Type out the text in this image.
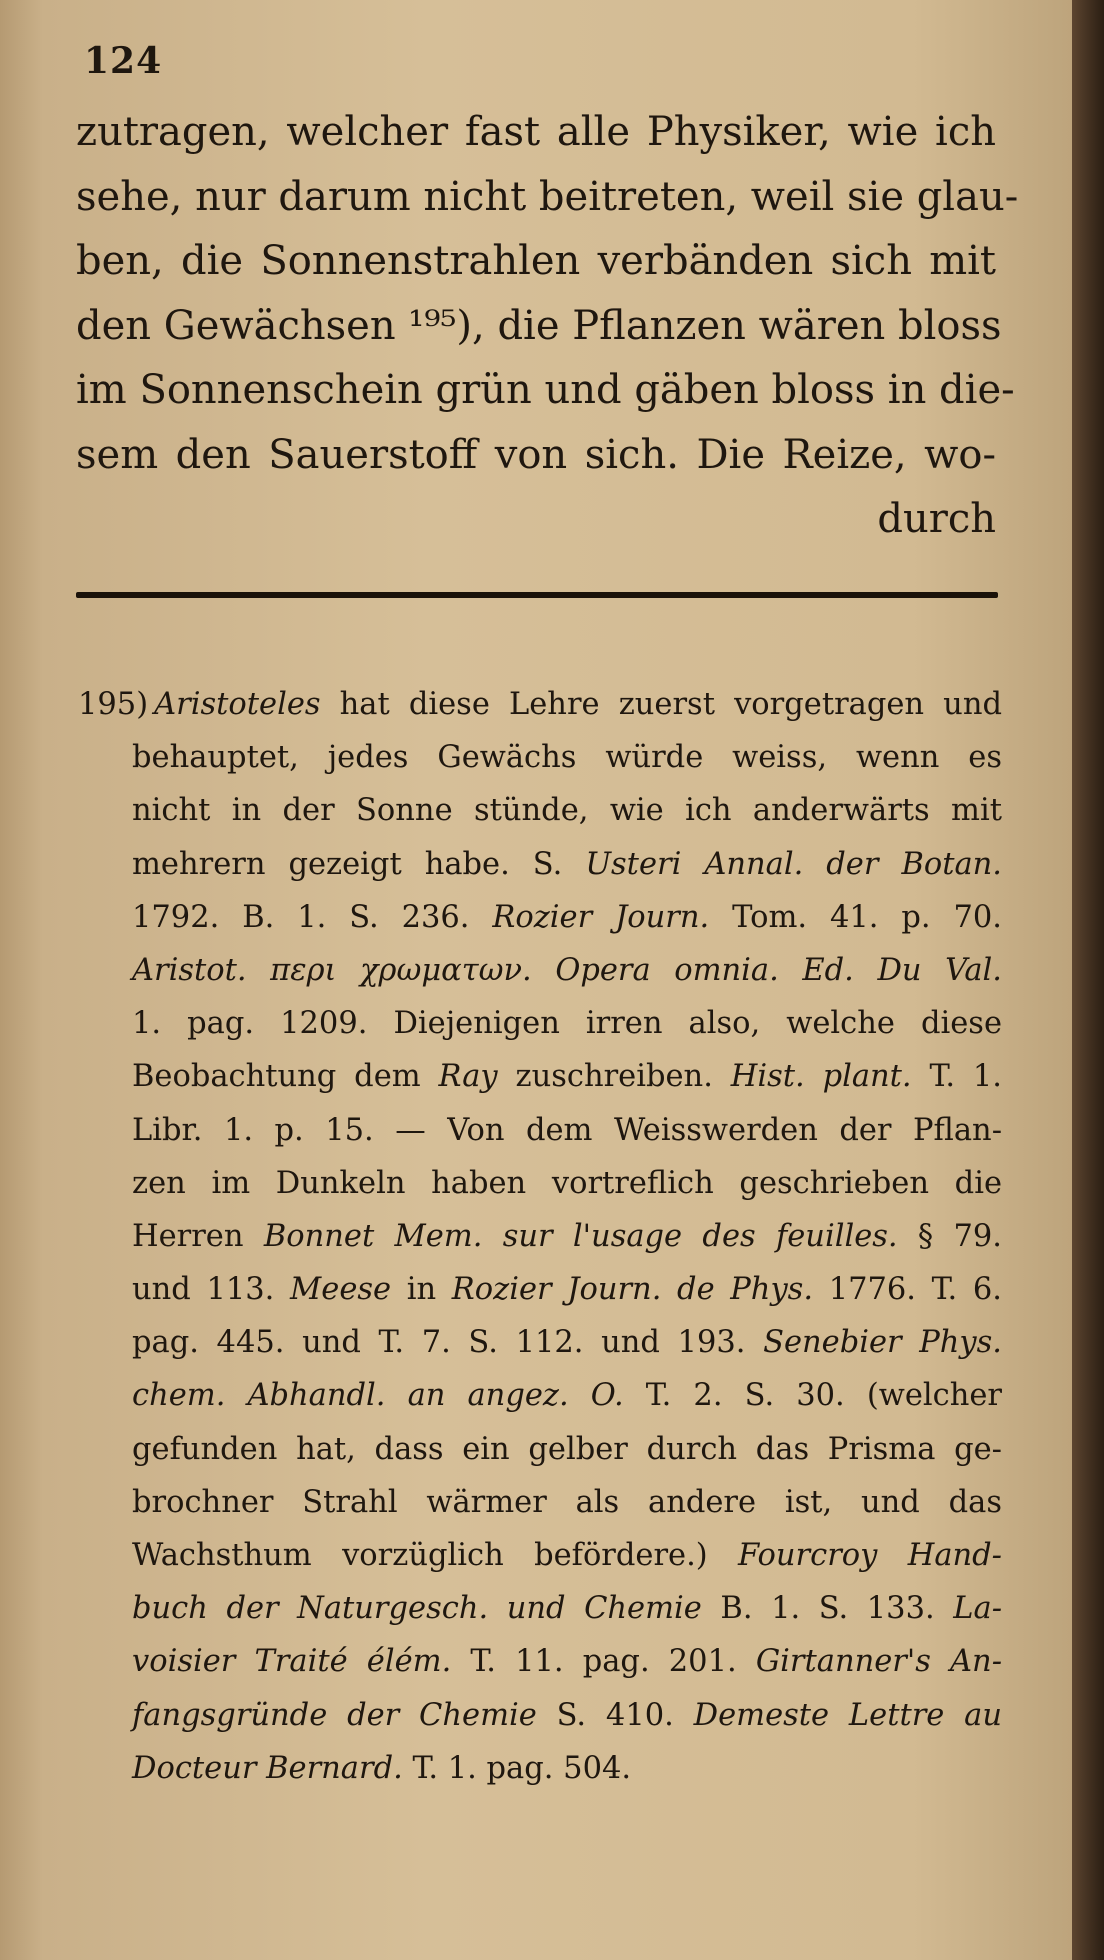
124
zutragen, welcher fast alle Physiker, wie ich
sehe, nur darum nicht beitreten, weil sie glau-
ben, die Sonnenstrahlen verbänden sich mit
den Gewächsen ¹⁹⁵), die Pflanzen wären bloss
im Sonnenschein grün und gäben bloss in die-
sem den Sauerstoff von sich. Die Reize, wo-
durch
195) Aristoteles hat diese Lehre zuerst vorgetragen und
behauptet, jedes Gewächs würde weiss, wenn es
nicht in der Sonne stünde, wie ich anderwärts mit
mehrern gezeigt habe. S. Usteri Annal. der Botan.
1792. B. 1. S. 236. Rozier Journ. Tom. 41. p. 70.
Aristot. περι χρωματων. Opera omnia. Ed. Du Val.
1. pag. 1209. Diejenigen irren also, welche diese
Beobachtung dem Ray zuschreiben. Hist. plant. T. 1.
Libr. 1. p. 15. — Von dem Weisswerden der Pflan-
zen im Dunkeln haben vortreflich geschrieben die
Herren Bonnet Mem. sur l'usage des feuilles. § 79.
und 113. Meese in Rozier Journ. de Phys. 1776. T. 6.
pag. 445. und T. 7. S. 112. und 193. Senebier Phys.
chem. Abhandl. an angez. O. T. 2. S. 30. (welcher
gefunden hat, dass ein gelber durch das Prisma ge-
brochner Strahl wärmer als andere ist, und das
Wachsthum vorzüglich befördere.) Fourcroy Hand-
buch der Naturgesch. und Chemie B. 1. S. 133. La-
voisier Traité élém. T. 11. pag. 201. Girtanner's An-
fangsgründe der Chemie S. 410. Demeste Lettre au
Docteur Bernard. T. 1. pag. 504.
